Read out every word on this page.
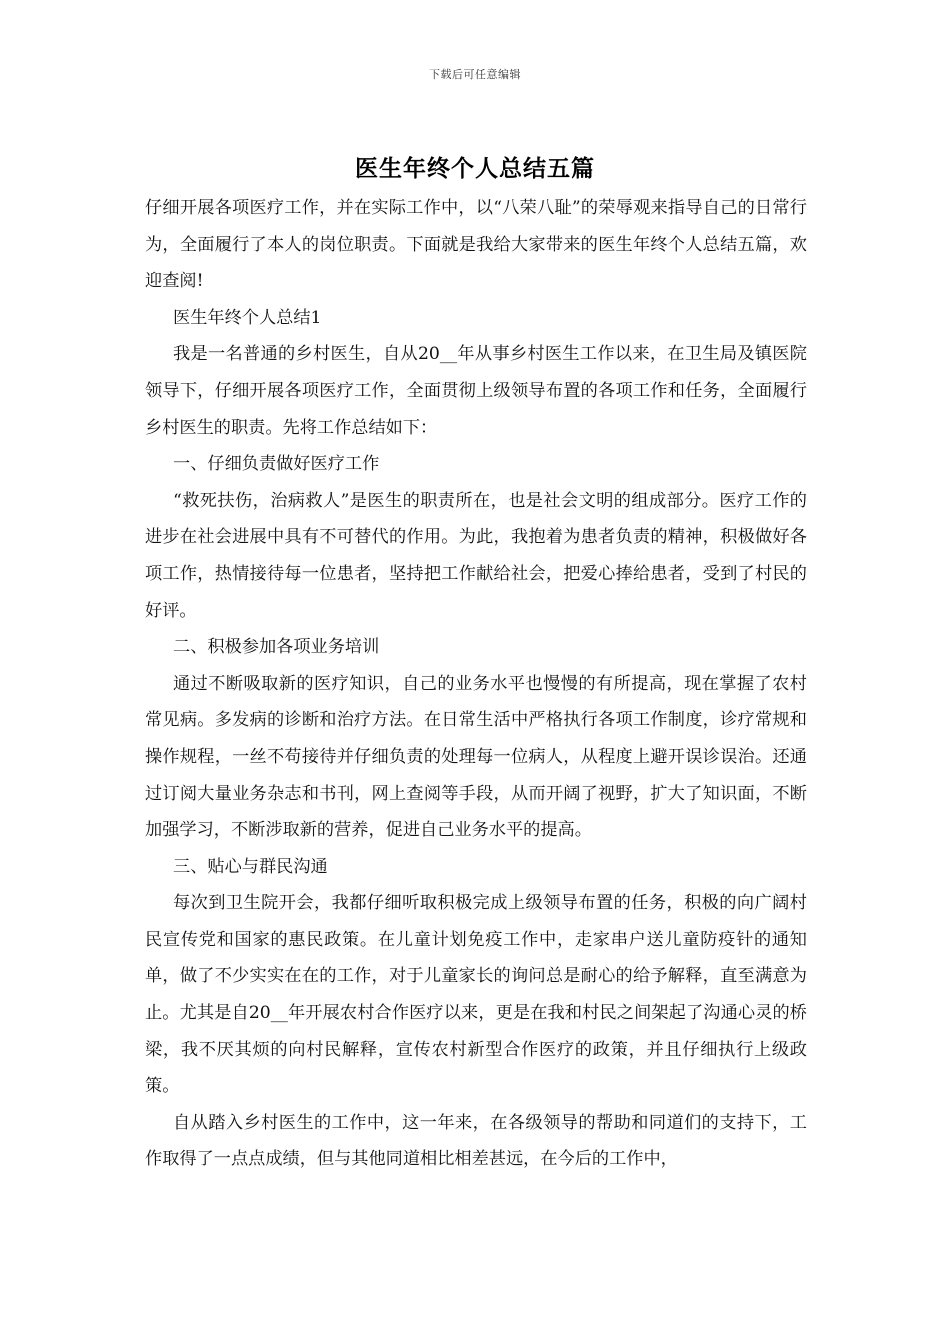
下载后可任意编辑
医生年终个人总结五篇

仔细开展各项医疗工作，并在实际工作中，以“八荣八耻”的荣辱观来指导自己的日常行为，全面履行了本人的岗位职责。下面就是我给大家带来的医生年终个人总结五篇，欢迎查阅!

医生年终个人总结1

我是一名普通的乡村医生，自从20__年从事乡村医生工作以来，在卫生局及镇医院领导下，仔细开展各项医疗工作，全面贯彻上级领导布置的各项工作和任务，全面履行乡村医生的职责。先将工作总结如下：

一、仔细负责做好医疗工作

“救死扶伤，治病救人”是医生的职责所在，也是社会文明的组成部分。医疗工作的进步在社会进展中具有不可替代的作用。为此，我抱着为患者负责的精神，积极做好各项工作，热情接待每一位患者，坚持把工作献给社会，把爱心捧给患者，受到了村民的好评。

二、积极参加各项业务培训

通过不断吸取新的医疗知识，自己的业务水平也慢慢的有所提高，现在掌握了农村常见病。多发病的诊断和治疗方法。在日常生活中严格执行各项工作制度，诊疗常规和操作规程，一丝不苟接待并仔细负责的处理每一位病人，从程度上避开误诊误治。还通过订阅大量业务杂志和书刊，网上查阅等手段，从而开阔了视野，扩大了知识面，不断加强学习，不断涉取新的营养，促进自己业务水平的提高。

三、贴心与群民沟通

每次到卫生院开会，我都仔细听取积极完成上级领导布置的任务，积极的向广阔村民宣传党和国家的惠民政策。在儿童计划免疫工作中，走家串户送儿童防疫针的通知单，做了不少实实在在的工作，对于儿童家长的询问总是耐心的给予解释，直至满意为止。尤其是自20__年开展农村合作医疗以来，更是在我和村民之间架起了沟通心灵的桥梁，我不厌其烦的向村民解释，宣传农村新型合作医疗的政策，并且仔细执行上级政策。

自从踏入乡村医生的工作中，这一年来，在各级领导的帮助和同道们的支持下，工作取得了一点点成绩，但与其他同道相比相差甚远，在今后的工作中，
